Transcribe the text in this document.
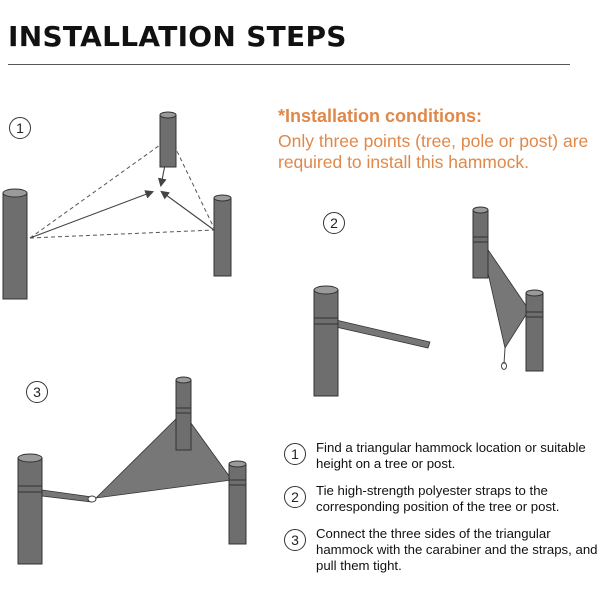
INSTALLATION STEPS
*Installation conditions:
Only three points (tree, pole or post) are required to install this hammock.
1
2
3
1	Find a triangular hammock location or suitable height on a tree or post.
2	Tie high-strength polyester straps to the corresponding position of the tree or post.
3	Connect the three sides of the triangular hammock with the carabiner and the straps, and pull them tight.
